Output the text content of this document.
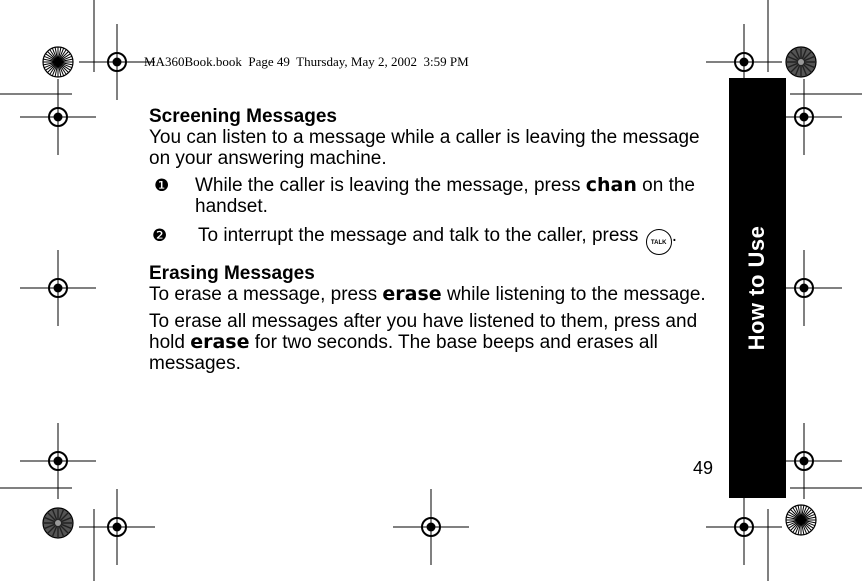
MA360Book.book  Page 49  Thursday, May 2, 2002  3:59 PM
How to Use
Screening Messages

You can listen to a message while a caller is leaving the message on your answering machine.

❶ While the caller is leaving the message, press chan on the handset.
❷ To interrupt the message and talk to the caller, press TALK .
Erasing Messages

To erase a message, press erase while listening to the message.

To erase all messages after you have listened to them, press and hold erase for two seconds. The base beeps and erases all messages.

49
